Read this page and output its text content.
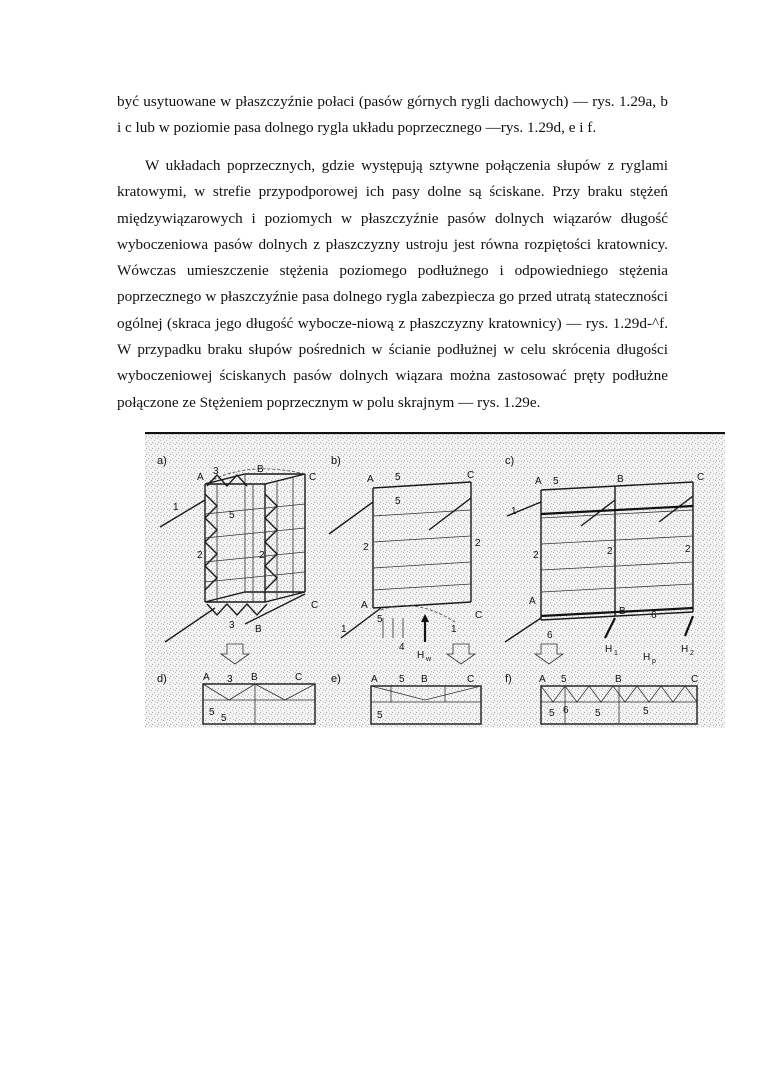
być usytuowane w płaszczyźnie połaci (pasów górnych rygli dachowych) — rys. 1.29a, b i c lub w poziomie pasa dolnego rygla układu poprzecznego —rys. 1.29d, e i f.

W układach poprzecznych, gdzie występują sztywne połączenia słupów z ryglami kratowymi, w strefie przypodporowej ich pasy dolne są ściskane. Przy braku stężeń międzywiązarowych i poziomych w płaszczyźnie pasów dolnych wiązarów długość wyboczeniowa pasów dolnych z płaszczyzny ustroju jest równa rozpiętości kratownicy. Wówczas umieszczenie stężenia poziomego podłużnego i odpowiedniego stężenia poprzecznego w płaszczyźnie pasa dolnego rygla zabezpiecza go przed utratą stateczności ogólnej (skraca jego długość wybocze-niową z płaszczyzny kratownicy) — rys. 1.29d-^f. W przypadku braku słupów pośrednich w ścianie podłużnej w celu skrócenia długości wyboczeniowej ściskanych pasów dolnych wiązara można zastosować pręty podłużne połączone ze Stężeniem poprzecznym w polu skrajnym — rys. 1.29e.

a)
A
3	B
C
1
5
2	2
3 B
C
b)
A 5	C
5
2	2
A
5
1
4
H w
C
1
c)
A 5	B	C
1
2	2	2
A
B	6
6
H 1	H p
H 2
d)	A 3 B	C
5
5
e)	A 5 B	C
5
f)	A 5	B	C
5 6	5	5
